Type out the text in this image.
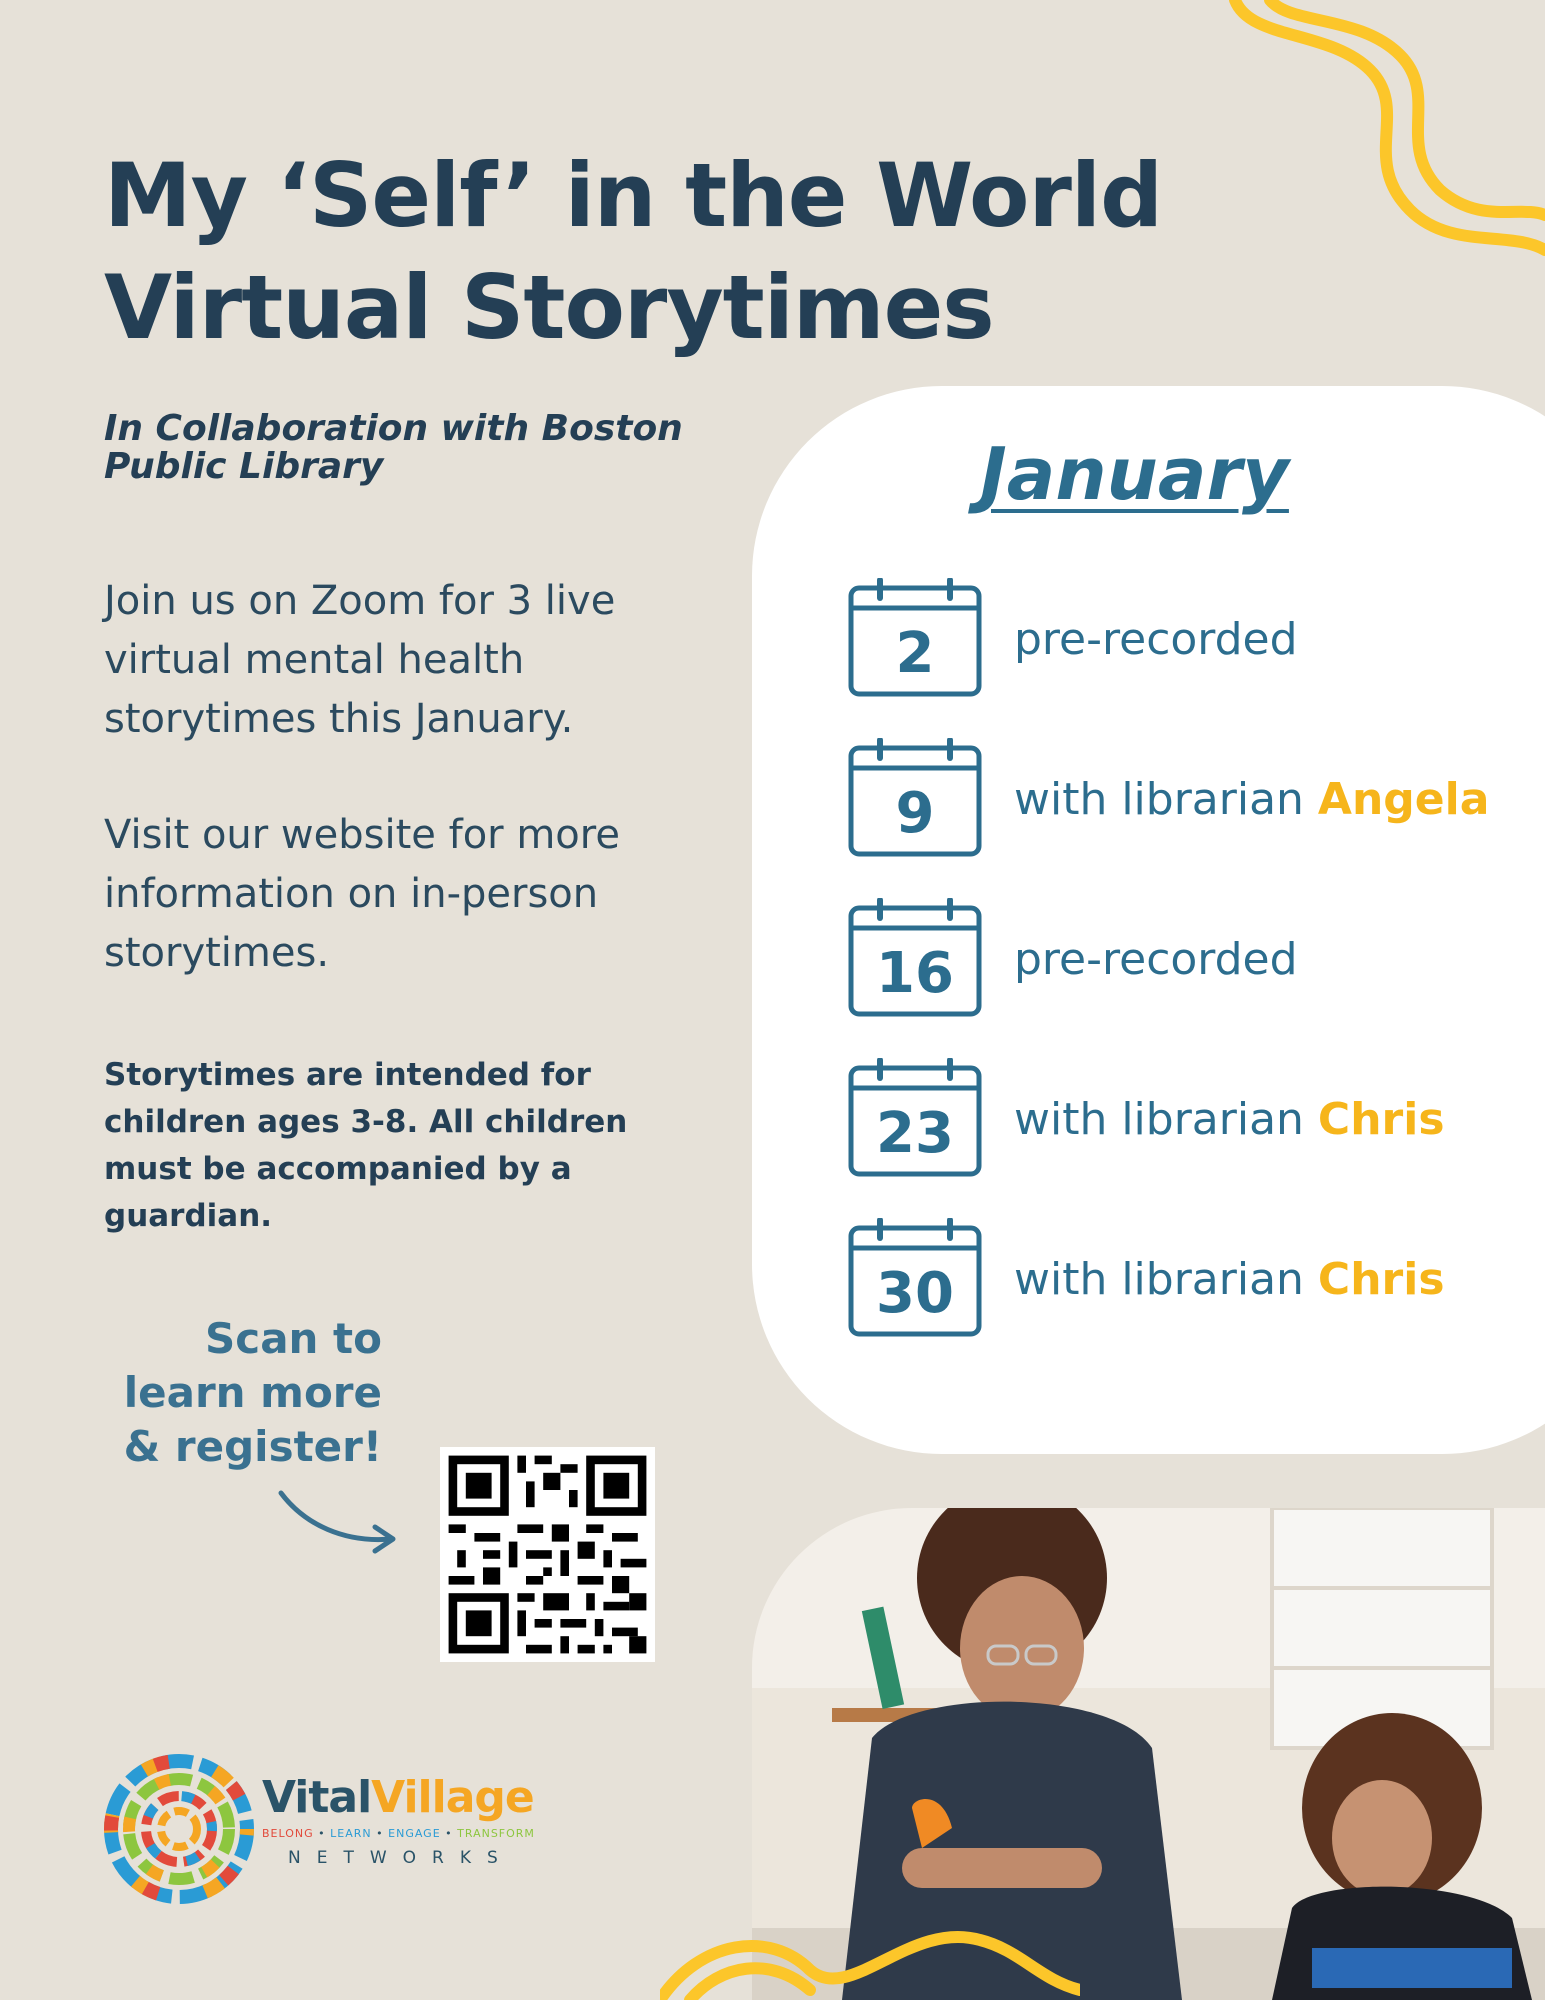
My ‘Self’ in the World
Virtual Storytimes
In Collaboration with Boston Public Library
Join us on Zoom for 3 live virtual mental health storytimes this January.
Visit our website for more information on in-person storytimes.
Storytimes are intended for children ages 3-8. All children must be accompanied by a guardian.
Scan to
learn more
& register!
January
2	pre-recorded
9	with librarian Angela
16	pre-recorded
23	with librarian Chris
30	with librarian Chris
VitalVillage
BELONG • LEARN • ENGAGE • TRANSFORM
NETWORKS
